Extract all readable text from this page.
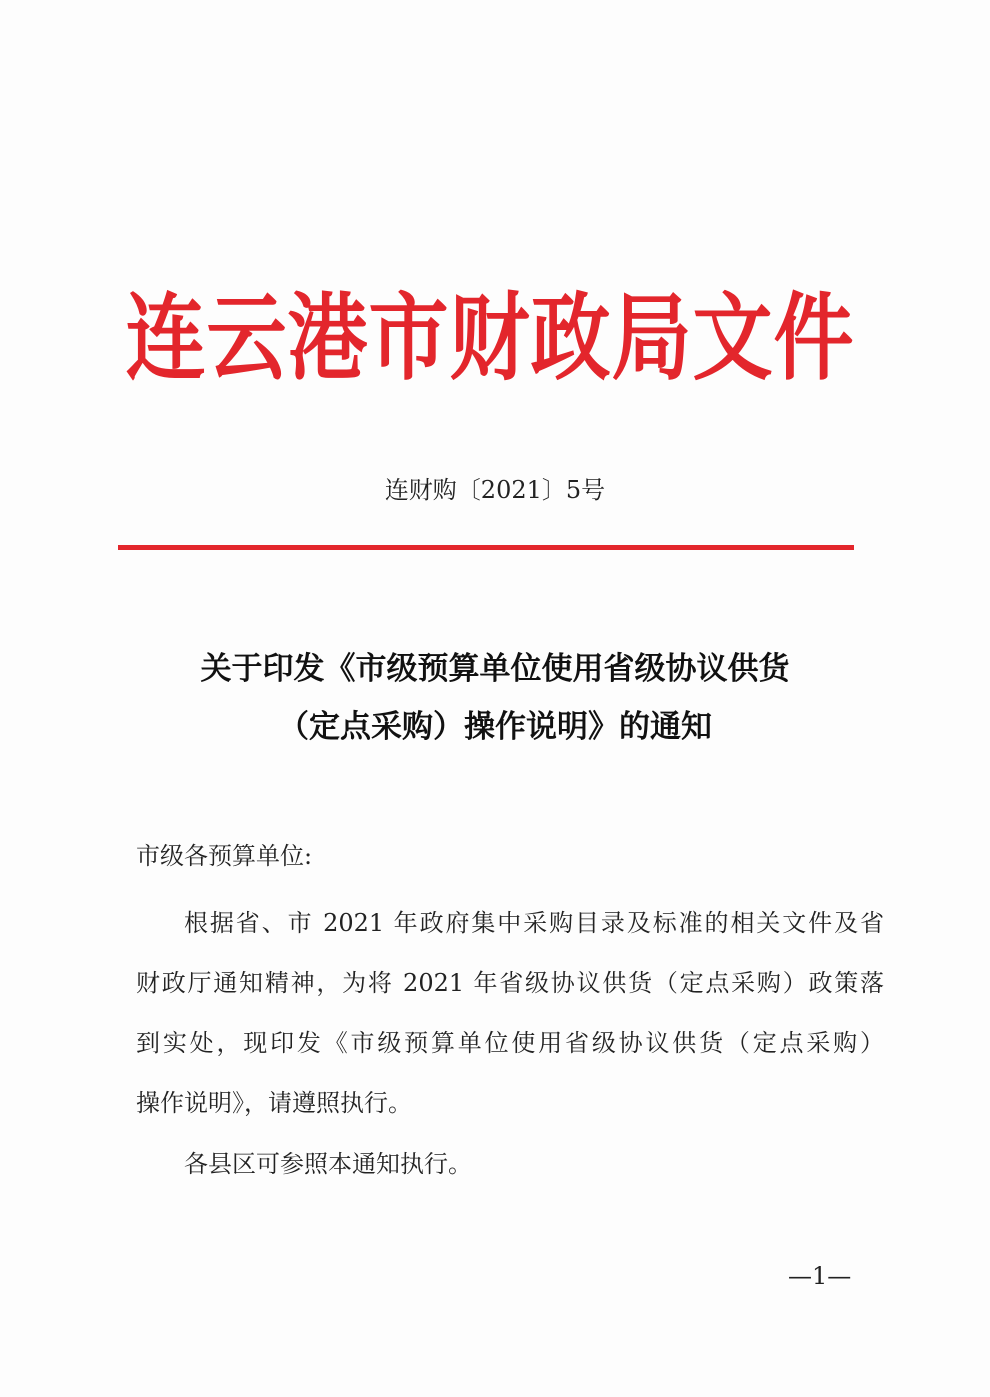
连云港市财政局文件
连财购〔2021〕5号
关于印发《市级预算单位使用省级协议供货
（定点采购）操作说明》的通知
市级各预算单位:
根据省、市 2021 年政府集中采购目录及标准的相关文件及省
财政厅通知精神，为将 2021 年省级协议供货（定点采购）政策落
到实处，现印发《市级预算单位使用省级协议供货（定点采购）
操作说明》，请遵照执行。
各县区可参照本通知执行。
—1—
